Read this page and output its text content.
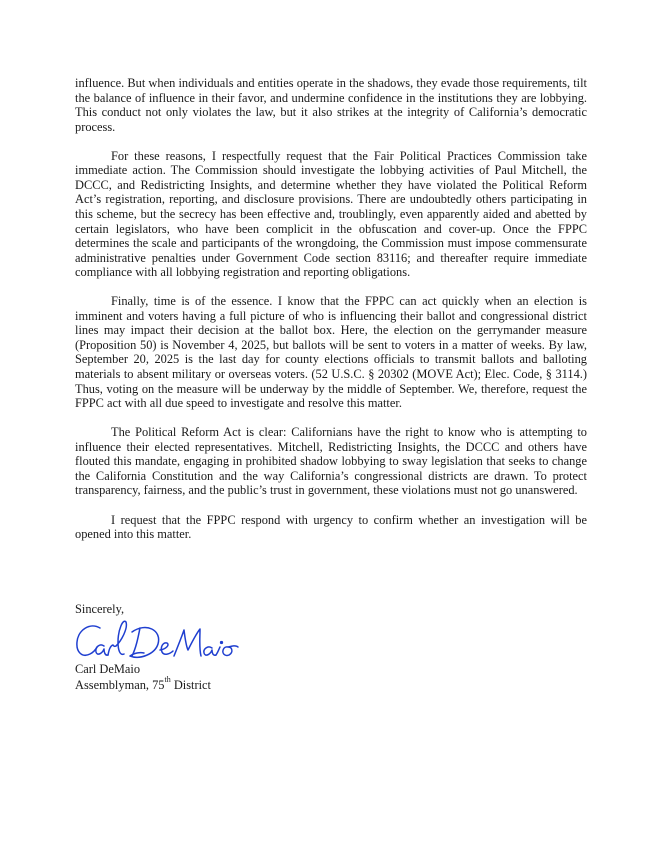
influence. But when individuals and entities operate in the shadows, they evade those requirements, tilt the balance of influence in their favor, and undermine confidence in the institutions they are lobbying. This conduct not only violates the law, but it also strikes at the integrity of California’s democratic process.

For these reasons, I respectfully request that the Fair Political Practices Commission take immediate action. The Commission should investigate the lobbying activities of Paul Mitchell, the DCCC, and Redistricting Insights, and determine whether they have violated the Political Reform Act’s registration, reporting, and disclosure provisions. There are undoubtedly others participating in this scheme, but the secrecy has been effective and, troublingly, even apparently aided and abetted by certain legislators, who have been complicit in the obfuscation and cover-up. Once the FPPC determines the scale and participants of the wrongdoing, the Commission must impose commensurate administrative penalties under Government Code section 83116; and thereafter require immediate compliance with all lobbying registration and reporting obligations.

Finally, time is of the essence. I know that the FPPC can act quickly when an election is imminent and voters having a full picture of who is influencing their ballot and congressional district lines may impact their decision at the ballot box. Here, the election on the gerrymander measure (Proposition 50) is November 4, 2025, but ballots will be sent to voters in a matter of weeks. By law, September 20, 2025 is the last day for county elections officials to transmit ballots and balloting materials to absent military or overseas voters. (52 U.S.C. § 20302 (MOVE Act); Elec. Code, § 3114.) Thus, voting on the measure will be underway by the middle of September. We, therefore, request the FPPC act with all due speed to investigate and resolve this matter.

The Political Reform Act is clear: Californians have the right to know who is attempting to influence their elected representatives. Mitchell, Redistricting Insights, the DCCC and others have flouted this mandate, engaging in prohibited shadow lobbying to sway legislation that seeks to change the California Constitution and the way California’s congressional districts are drawn. To protect transparency, fairness, and the public’s trust in government, these violations must not go unanswered.

I request that the FPPC respond with urgency to confirm whether an investigation will be opened into this matter.

Sincerely,

Carl DeMaio
Assemblyman, 75th District
